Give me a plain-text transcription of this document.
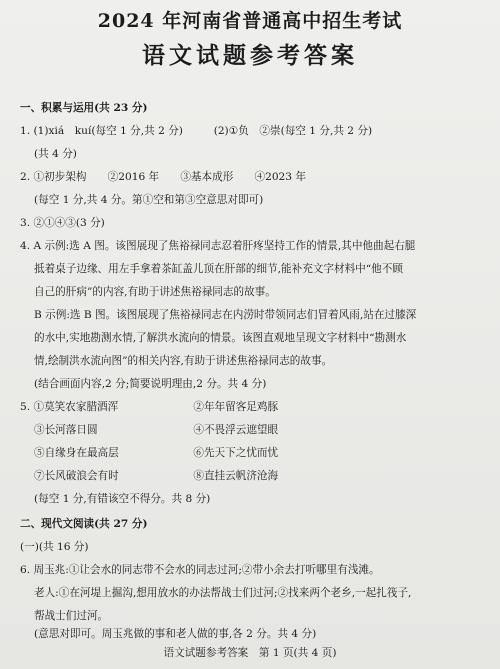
2024 年河南省普通高中招生考试
语文试题参考答案
一、积累与运用(共 23 分)
1. (1)xiá　kuí(每空 1 分,共 2 分)	(2)①负　②崇(每空 1 分,共 2 分)
(共 4 分)
2. ①初步架构　　②2016 年　　③基本成形　　④2023 年
(每空 1 分,共 4 分。第①空和第③空意思对即可)
3. ②①④③(3 分)
4. A 示例:选 A 图。该图展现了焦裕禄同志忍着肝疼坚持工作的情景,其中他曲起右腿
抵着桌子边缘、用左手拿着茶缸盖儿顶在肝部的细节,能补充文字材料中“他不顾
自己的肝病”的内容,有助于讲述焦裕禄同志的故事。
B 示例:选 B 图。该图展现了焦裕禄同志在内涝时带领同志们冒着风雨,站在过膝深
的水中,实地勘测水情,了解洪水流向的情景。该图直观地呈现文字材料中“勘测水
情,绘制洪水流向图”的相关内容,有助于讲述焦裕禄同志的故事。
(结合画面内容,2 分;简要说明理由,2 分。共 4 分)
5. ①莫笑农家腊酒浑	②年年留客足鸡豚
③长河落日圆	④不畏浮云遮望眼
⑤自缘身在最高层	⑥先天下之忧而忧
⑦长风破浪会有时	⑧直挂云帆济沧海
(每空 1 分,有错该空不得分。共 8 分)
二、现代文阅读(共 27 分)
(一)(共 16 分)
6. 周玉兆:①让会水的同志带不会水的同志过河;②带小余去打听哪里有浅滩。
老人:①在河堤上掘沟,想用放水的办法帮战士们过河;②找来两个老乡,一起扎筏子,
帮战士们过河。
(意思对即可。周玉兆做的事和老人做的事,各 2 分。共 4 分)
语文试题参考答案　第 1 页(共 4 页)
